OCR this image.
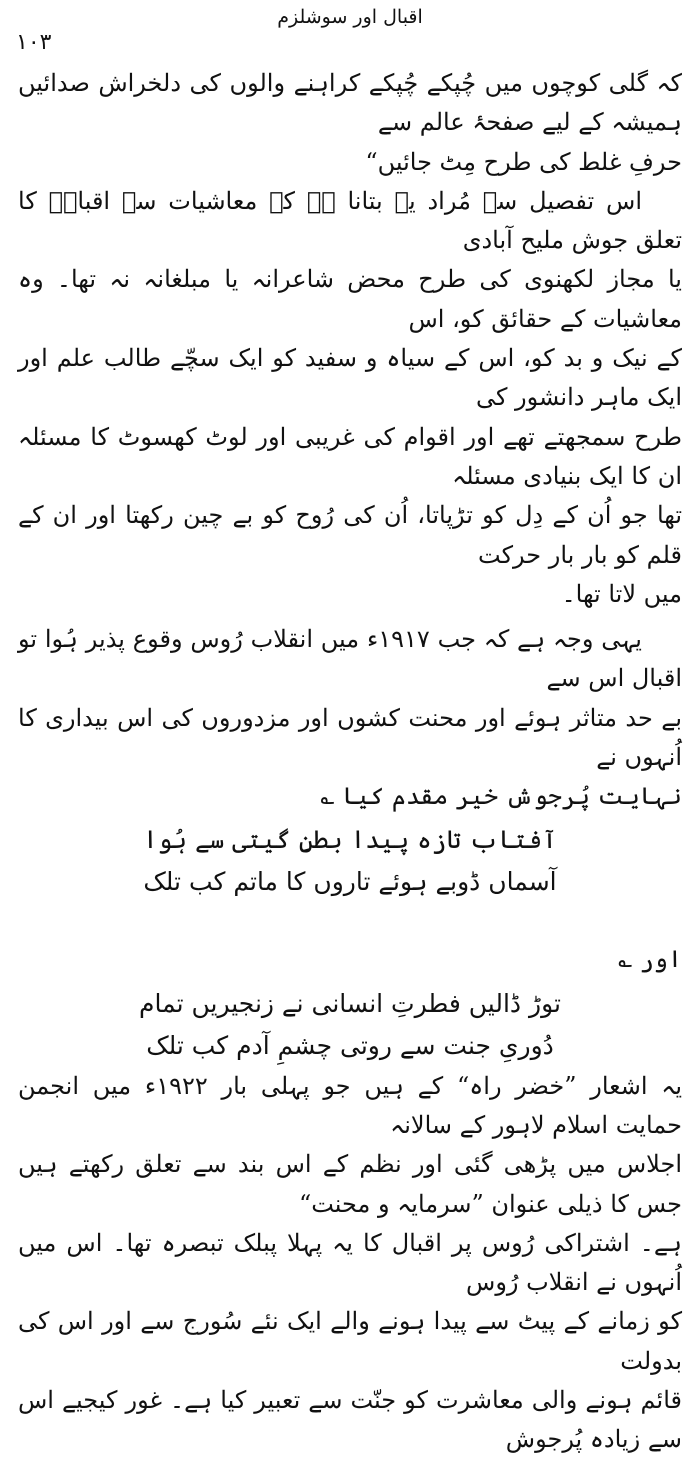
اقبال اور سوشلزم
۱۰۳

کہ گلی کوچوں میں چُپکے چُپکے کراہنے والوں کی دلخراش صدائیں ہمیشہ کے لیے صفحۂ عالم سے
حرفِ غلط کی طرح مِٹ جائیں“

اس تفصیل سے مُراد یہ بتانا ہے کہ معاشیات سے اقبالؔ کا تعلق جوش ملیح آبادی
یا مجاز لکھنوی کی طرح محض شاعرانہ یا مبلغانہ نہ تھا۔ وہ معاشیات کے حقائق کو، اس
کے نیک و بد کو، اس کے سیاہ و سفید کو ایک سچّے طالب علم اور ایک ماہر دانشور کی
طرح سمجھتے تھے اور اقوام کی غریبی اور لوٹ کھسوٹ کا مسئلہ ان کا ایک بنیادی مسئلہ
تھا جو اُن کے دِل کو تڑپاتا، اُن کی رُوح کو بے چین رکھتا اور ان کے قلم کو بار بار حرکت
میں لاتا تھا۔

یہی وجہ ہے کہ جب ۱۹۱۷ء میں انقلاب رُوس وقوع پذیر ہُوا تو اقبال اس سے
بے حد متاثر ہوئے اور محنت کشوں اور مزدوروں کی اس بیداری کا اُنہوں نے
نہایت پُرجوش خیر مقدم کیا ؎

آفتاب تازہ پیدا بطنِ گیتی سے ہُوا

آسماں ڈوبے ہوئے تاروں کا ماتم کب تلک

اور ؎

توڑ ڈالیں فطرتِ انسانی نے زنجیریں تمام

دُوریِ جنت سے روتی چشمِ آدم کب تلک

یہ اشعار ”خضر راہ“ کے ہیں جو پہلی بار ۱۹۲۲ء میں انجمن حمایت اسلام لاہور کے سالانہ
اجلاس میں پڑھی گئی اور نظم کے اس بند سے تعلق رکھتے ہیں جس کا ذیلی عنوان ”سرمایہ و محنت“
ہے۔ اشتراکی رُوس پر اقبال کا یہ پہلا پبلک تبصرہ تھا۔ اس میں اُنہوں نے انقلاب رُوس
کو زمانے کے پیٹ سے پیدا ہونے والے ایک نئے سُورج سے اور اس کی بدولت
قائم ہونے والی معاشرت کو جنّت سے تعبیر کیا ہے۔ غور کیجیے اس سے زیادہ پُرجوش
